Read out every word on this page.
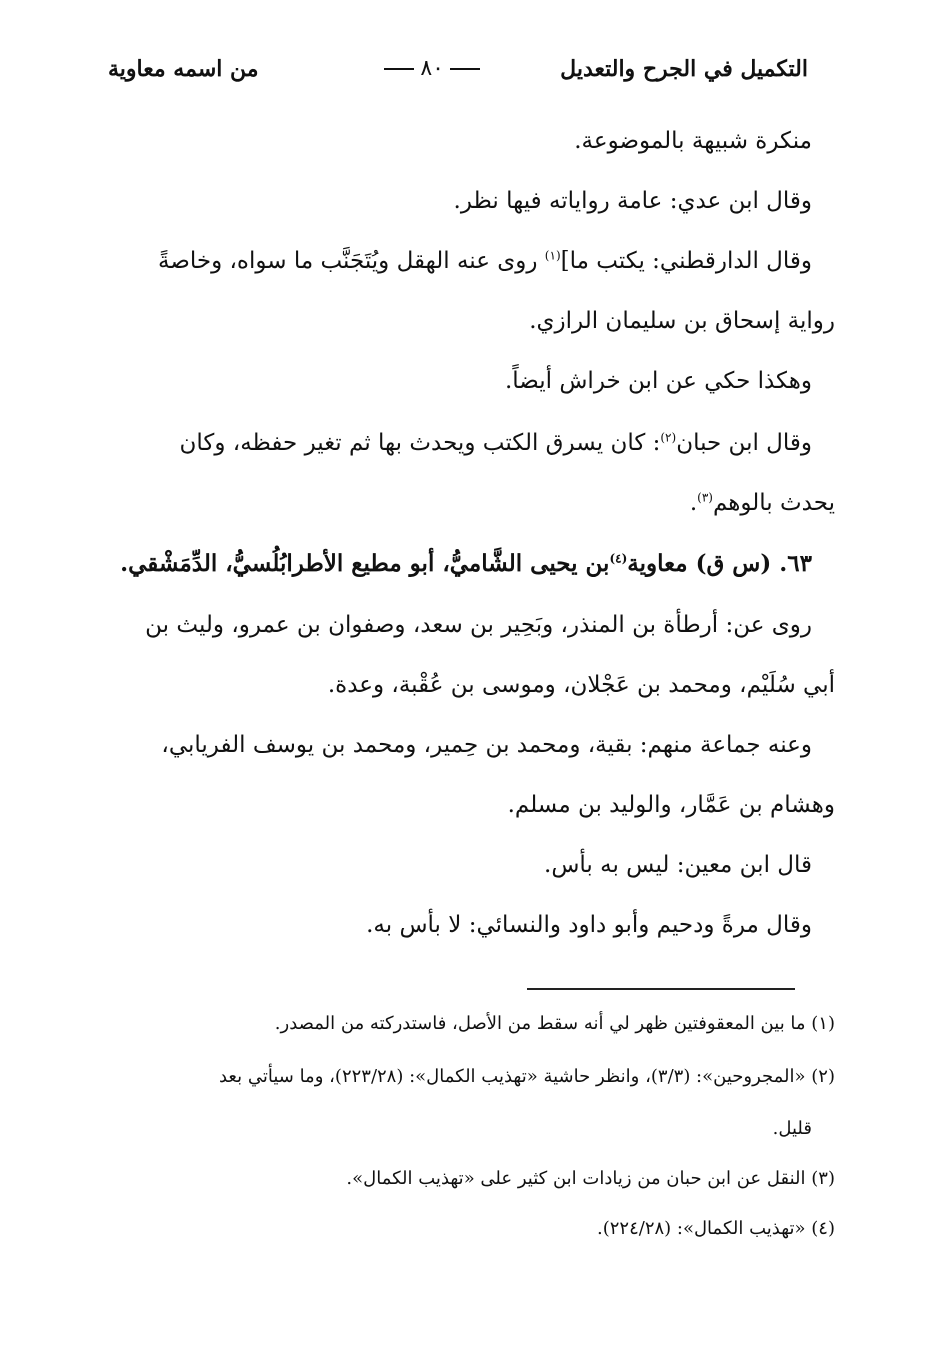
التكميل في الجرح والتعديل
٨٠
من اسمه معاوية
منكرة شبيهة بالموضوعة.
وقال ابن عدي: عامة رواياته فيها نظر.
وقال الدارقطني: يكتب ما]$^{(١)}$ روى عنه الهقل ويُتَجَنَّب ما سواه، وخاصةً
رواية إسحاق بن سليمان الرازي.
وهكذا حكي عن ابن خراش أيضاً.
وقال ابن حبان$^{(٢)}$: كان يسرق الكتب ويحدث بها ثم تغير حفظه، وكان
يحدث بالوهم$^{(٣)}$.
٦٣. (س ق) معاوية$^{(٤)}$بن يحيى الشَّاميُّ، أبو مطيع الأطرابُلُسيُّ، الدِّمَشْقي.
روى عن: أرطأة بن المنذر، وبَحِير بن سعد، وصفوان بن عمرو، وليث بن
أبي سُلَيْم، ومحمد بن عَجْلان، وموسى بن عُقْبة، وعدة.
وعنه جماعة منهم: بقية، ومحمد بن حِمير، ومحمد بن يوسف الفريابي،
وهشام بن عَمَّار، والوليد بن مسلم.
قال ابن معين: ليس به بأس.
وقال مرةً ودحيم وأبو داود والنسائي: لا بأس به.
(١) ما بين المعقوفتين ظهر لي أنه سقط من الأصل، فاستدركته من المصدر.
(٢) «المجروحين»: (٣/٣)، وانظر حاشية «تهذيب الكمال»: (٢٢٣/٢٨)، وما سيأتي بعد
قليل.
(٣) النقل عن ابن حبان من زيادات ابن كثير على «تهذيب الكمال».
(٤) «تهذيب الكمال»: (٢٢٤/٢٨).
